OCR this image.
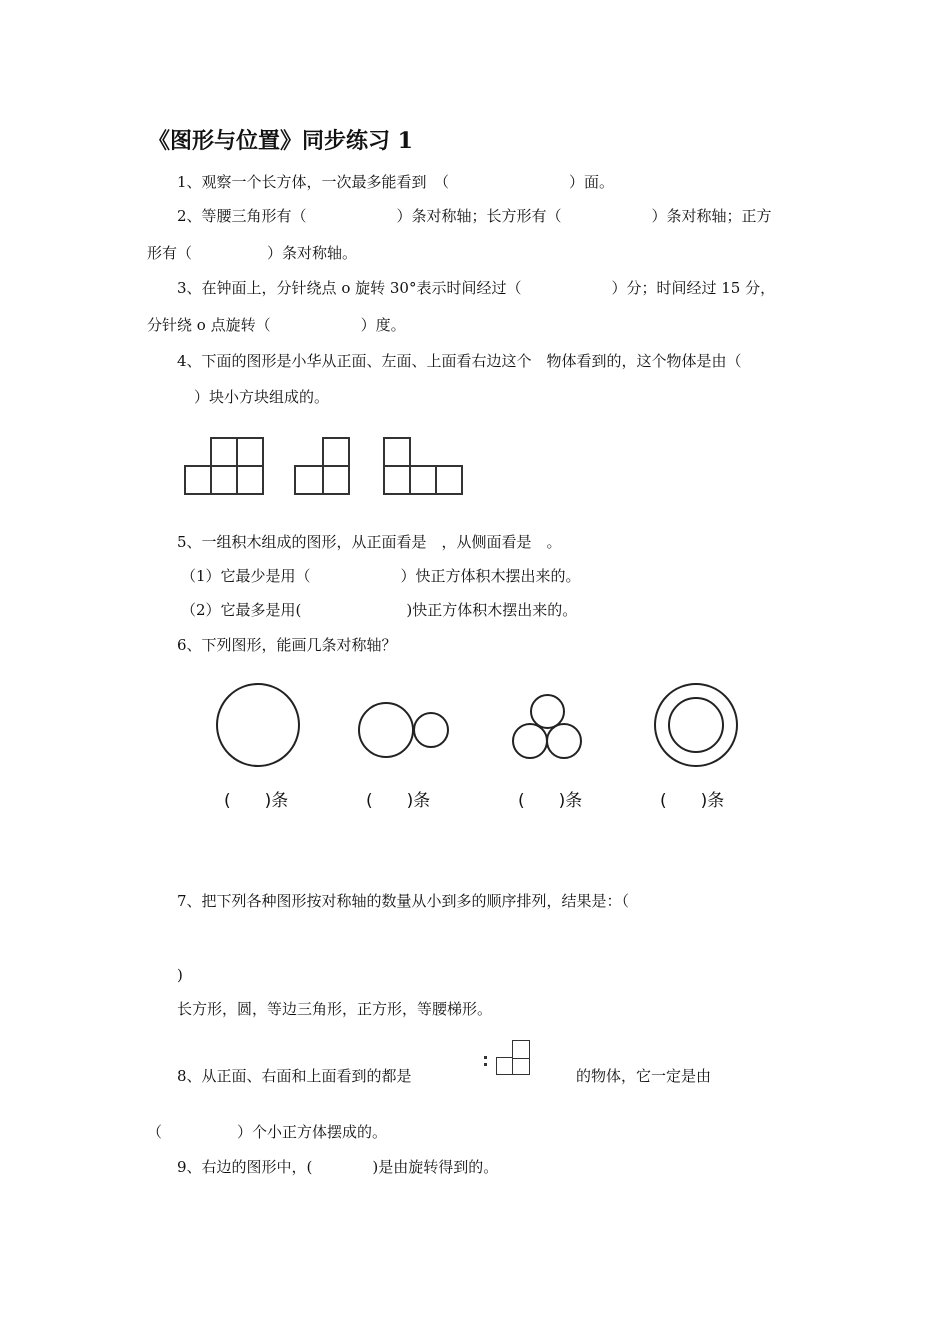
《图形与位置》同步练习 1
1、观察一个长方体，一次最多能看到　（　　　　　　　　）面。
2、等腰三角形有（　　　　　　）条对称轴；长方形有（　　　　　　）条对称轴；正方
形有（　　　　　）条对称轴。
3、在钟面上，分针绕点 o 旋转 30°表示时间经过（　　　　　　）分；时间经过 15 分，
分针绕 o 点旋转（　　　　　　）度。
4、下面的图形是小华从正面、左面、上面看右边这个　物体看到的，这个物体是由（
）块小方块组成的。
5、一组积木组成的图形，从正面看是　，从侧面看是　。
（1）它最少是用（　　　　　　）快正方体积木摆出来的。
（2）它最多是用(　　　　　　　)快正方体积木摆出来的。
6、下列图形，能画几条对称轴？
(　　)条	(　　)条	(　　)条	(　　)条
7、把下列各种图形按对称轴的数量从小到多的顺序排列，结果是：（
)
长方形，圆，等边三角形，正方形，等腰梯形。
8、从正面、右面和上面看到的都是	的物体，它一定是由
（　　　　　）个小正方体摆成的。
9、右边的图形中，(　　　　)是由旋转得到的。
